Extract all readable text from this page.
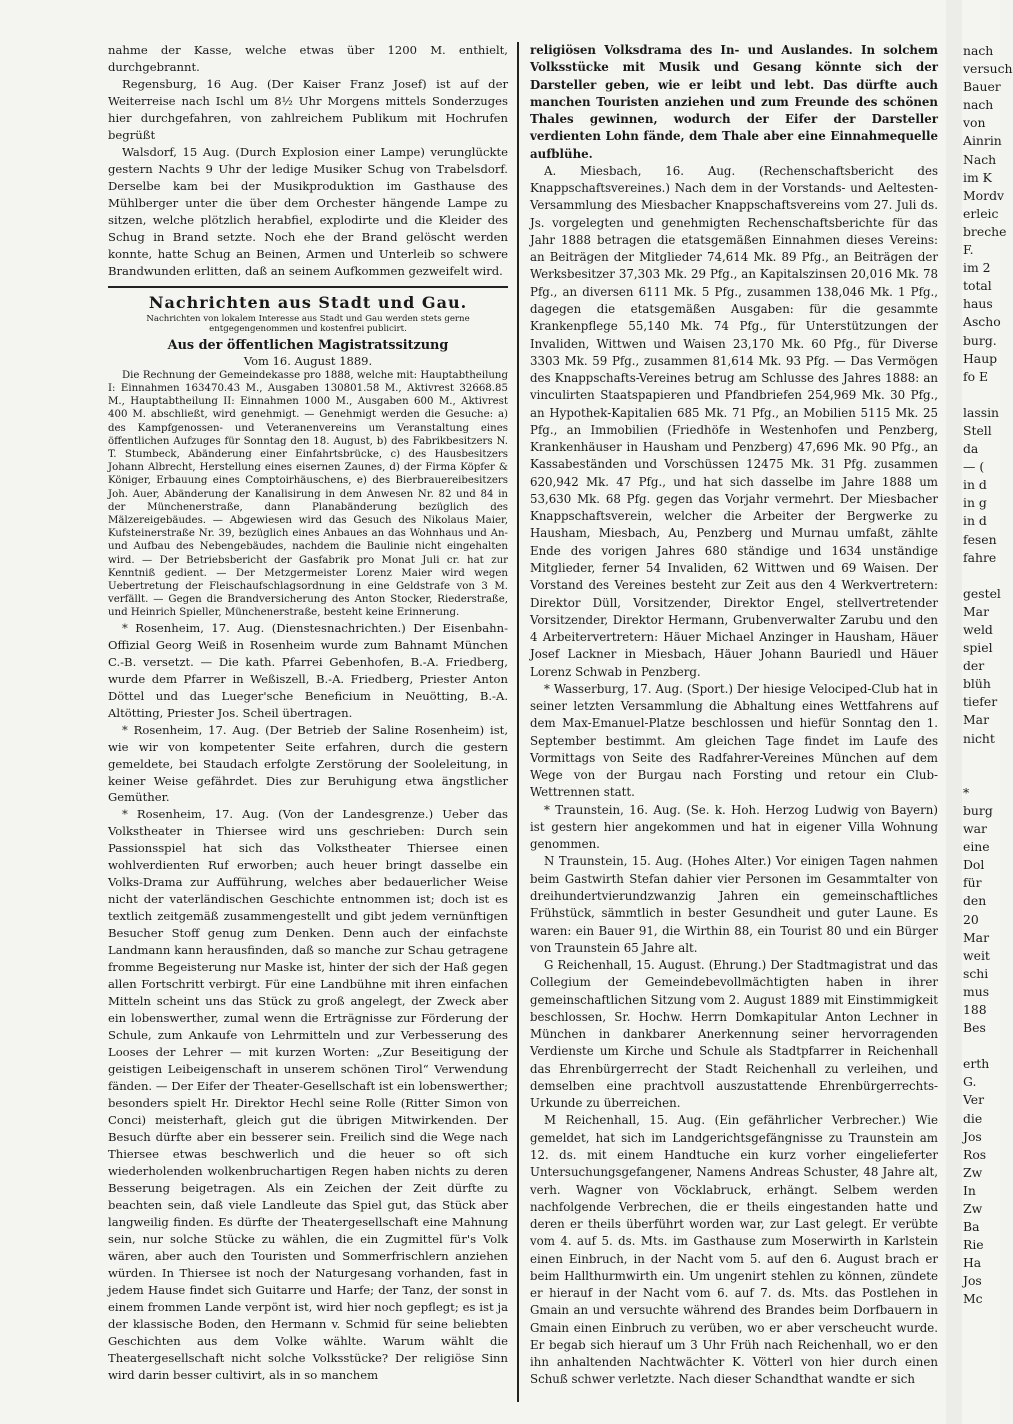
nahme der Kasse, welche etwas über 1200 M. enthielt, durchgebrannt.

Regensburg, 16 Aug. (Der Kaiser Franz Josef) ist auf der Weiterreise nach Ischl um 8½ Uhr Morgens mittels Sonderzuges hier durchgefahren, von zahlreichem Publikum mit Hochrufen begrüßt

Walsdorf, 15 Aug. (Durch Explosion einer Lampe) verunglückte gestern Nachts 9 Uhr der ledige Musiker Schug von Trabelsdorf. Derselbe kam bei der Musikproduktion im Gasthause des Mühlberger unter die über dem Orchester hängende Lampe zu sitzen, welche plötzlich herabfiel, explodirte und die Kleider des Schug in Brand setzte. Noch ehe der Brand gelöscht werden konnte, hatte Schug an Beinen, Armen und Unterleib so schwere Brandwunden erlitten, daß an seinem Aufkommen gezweifelt wird.

Nachrichten aus Stadt und Gau.
Nachrichten von lokalem Interesse aus Stadt und Gau werden stets gerne entgegengenommen und kostenfrei publicirt.
Aus der öffentlichen Magistratssitzung
Vom 16. August 1889.

Die Rechnung der Gemeindekasse pro 1888, welche mit: Hauptabtheilung I: Einnahmen 163470.43 M., Ausgaben 130801.58 M., Aktivrest 32668.85 M., Hauptabtheilung II: Einnahmen 1000 M., Ausgaben 600 M., Aktivrest 400 M. abschließt, wird genehmigt. — Genehmigt werden die Gesuche: a) des Kampfgenossen- und Veteranenvereins um Veranstaltung eines öffentlichen Aufzuges für Sonntag den 18. August, b) des Fabrikbesitzers N. T. Stumbeck, Abänderung einer Einfahrtsbrücke, c) des Hausbesitzers Johann Albrecht, Herstellung eines eisernen Zaunes, d) der Firma Köpfer & Königer, Erbauung eines Comptoirhäuschens, e) des Bierbrauereibesitzers Joh. Auer, Abänderung der Kanalisirung in dem Anwesen Nr. 82 und 84 in der Münchenerstraße, dann Planabänderung bezüglich des Mälzereigebäudes. — Abgewiesen wird das Gesuch des Nikolaus Maier, Kufsteinerstraße Nr. 39, bezüglich eines Anbaues an das Wohnhaus und An- und Aufbau des Nebengebäudes, nachdem die Baulinie nicht eingehalten wird. — Der Betriebsbericht der Gasfabrik pro Monat Juli cr. hat zur Kenntniß gedient. — Der Metzgermeister Lorenz Maier wird wegen Uebertretung der Fleischaufschlagsordnung in eine Geldstrafe von 3 M. verfällt. — Gegen die Brandversicherung des Anton Stocker, Riederstraße, und Heinrich Spieller, Münchenerstraße, besteht keine Erinnerung.

* Rosenheim, 17. Aug. (Dienstesnachrichten.) Der Eisenbahn-Offizial Georg Weiß in Rosenheim wurde zum Bahnamt München C.-B. versetzt. — Die kath. Pfarrei Gebenhofen, B.-A. Friedberg, wurde dem Pfarrer in Weßiszell, B.-A. Friedberg, Priester Anton Döttel und das Lueger'sche Beneficium in Neuötting, B.-A. Altötting, Priester Jos. Scheil übertragen.

* Rosenheim, 17. Aug. (Der Betrieb der Saline Rosenheim) ist, wie wir von kompetenter Seite erfahren, durch die gestern gemeldete, bei Staudach erfolgte Zerstörung der Sooleleitung, in keiner Weise gefährdet. Dies zur Beruhigung etwa ängstlicher Gemüther.

* Rosenheim, 17. Aug. (Von der Landesgrenze.) Ueber das Volkstheater in Thiersee wird uns geschrieben: Durch sein Passionsspiel hat sich das Volkstheater Thiersee einen wohlverdienten Ruf erworben; auch heuer bringt dasselbe ein Volks-Drama zur Aufführung, welches aber bedauerlicher Weise nicht der vaterländischen Geschichte entnommen ist; doch ist es textlich zeitgemäß zusammengestellt und gibt jedem vernünftigen Besucher Stoff genug zum Denken. Denn auch der einfachste Landmann kann herausfinden, daß so manche zur Schau getragene fromme Begeisterung nur Maske ist, hinter der sich der Haß gegen allen Fortschritt verbirgt. Für eine Landbühne mit ihren einfachen Mitteln scheint uns das Stück zu groß angelegt, der Zweck aber ein lobenswerther, zumal wenn die Erträgnisse zur Förderung der Schule, zum Ankaufe von Lehrmitteln und zur Verbesserung des Looses der Lehrer — mit kurzen Worten: „Zur Beseitigung der geistigen Leibeigenschaft in unserem schönen Tirol“ Verwendung fänden. — Der Eifer der Theater-Gesellschaft ist ein lobenswerther; besonders spielt Hr. Direktor Hechl seine Rolle (Ritter Simon von Conci) meisterhaft, gleich gut die übrigen Mitwirkenden. Der Besuch dürfte aber ein besserer sein. Freilich sind die Wege nach Thiersee etwas beschwerlich und die heuer so oft sich wiederholenden wolkenbruchartigen Regen haben nichts zu deren Besserung beigetragen. Als ein Zeichen der Zeit dürfte zu beachten sein, daß viele Landleute das Spiel gut, das Stück aber langweilig finden. Es dürfte der Theatergesellschaft eine Mahnung sein, nur solche Stücke zu wählen, die ein Zugmittel für's Volk wären, aber auch den Touristen und Sommerfrischlern anziehen würden. In Thiersee ist noch der Naturgesang vorhanden, fast in jedem Hause findet sich Guitarre und Harfe; der Tanz, der sonst in einem frommen Lande verpönt ist, wird hier noch gepflegt; es ist ja der klassische Boden, den Hermann v. Schmid für seine beliebten Geschichten aus dem Volke wählte. Warum wählt die Theatergesellschaft nicht solche Volksstücke? Der religiöse Sinn wird darin besser cultivirt, als in so manchem

religiösen Volksdrama des In- und Auslandes. In solchem Volksstücke mit Musik und Gesang könnte sich der Darsteller geben, wie er leibt und lebt. Das dürfte auch manchen Touristen anziehen und zum Freunde des schönen Thales gewinnen, wodurch der Eifer der Darsteller verdienten Lohn fände, dem Thale aber eine Einnahmequelle aufblühe.

A. Miesbach, 16. Aug. (Rechenschaftsbericht des Knappschaftsvereines.) Nach dem in der Vorstands- und Aeltesten-Versammlung des Miesbacher Knappschaftsvereins vom 27. Juli ds. Js. vorgelegten und genehmigten Rechenschaftsberichte für das Jahr 1888 betragen die etatsgemäßen Einnahmen dieses Vereins: an Beiträgen der Mitglieder 74,614 Mk. 89 Pfg., an Beiträgen der Werksbesitzer 37,303 Mk. 29 Pfg., an Kapitalszinsen 20,016 Mk. 78 Pfg., an diversen 6111 Mk. 5 Pfg., zusammen 138,046 Mk. 1 Pfg., dagegen die etatsgemäßen Ausgaben: für die gesammte Krankenpflege 55,140 Mk. 74 Pfg., für Unterstützungen der Invaliden, Wittwen und Waisen 23,170 Mk. 60 Pfg., für Diverse 3303 Mk. 59 Pfg., zusammen 81,614 Mk. 93 Pfg. — Das Vermögen des Knappschafts-Vereines betrug am Schlusse des Jahres 1888: an vinculirten Staatspapieren und Pfandbriefen 254,969 Mk. 30 Pfg., an Hypothek-Kapitalien 685 Mk. 71 Pfg., an Mobilien 5115 Mk. 25 Pfg., an Immobilien (Friedhöfe in Westenhofen und Penzberg, Krankenhäuser in Hausham und Penzberg) 47,696 Mk. 90 Pfg., an Kassabeständen und Vorschüssen 12475 Mk. 31 Pfg. zusammen 620,942 Mk. 47 Pfg., und hat sich dasselbe im Jahre 1888 um 53,630 Mk. 68 Pfg. gegen das Vorjahr vermehrt. Der Miesbacher Knappschaftsverein, welcher die Arbeiter der Bergwerke zu Hausham, Miesbach, Au, Penzberg und Murnau umfaßt, zählte Ende des vorigen Jahres 680 ständige und 1634 unständige Mitglieder, ferner 54 Invaliden, 62 Wittwen und 69 Waisen. Der Vorstand des Vereines besteht zur Zeit aus den 4 Werkvertretern: Direktor Düll, Vorsitzender, Direktor Engel, stellvertretender Vorsitzender, Direktor Hermann, Grubenverwalter Zarubu und den 4 Arbeitervertretern: Häuer Michael Anzinger in Hausham, Häuer Josef Lackner in Miesbach, Häuer Johann Bauriedl und Häuer Lorenz Schwab in Penzberg.

* Wasserburg, 17. Aug. (Sport.) Der hiesige Velociped-Club hat in seiner letzten Versammlung die Abhaltung eines Wettfahrens auf dem Max-Emanuel-Platze beschlossen und hiefür Sonntag den 1. September bestimmt. Am gleichen Tage findet im Laufe des Vormittags von Seite des Radfahrer-Vereines München auf dem Wege von der Burgau nach Forsting und retour ein Club-Wettrennen statt.

* Traunstein, 16. Aug. (Se. k. Hoh. Herzog Ludwig von Bayern) ist gestern hier angekommen und hat in eigener Villa Wohnung genommen.

N Traunstein, 15. Aug. (Hohes Alter.) Vor einigen Tagen nahmen beim Gastwirth Stefan dahier vier Personen im Gesammtalter von dreihundertvierundzwanzig Jahren ein gemeinschaftliches Frühstück, sämmtlich in bester Gesundheit und guter Laune. Es waren: ein Bauer 91, die Wirthin 88, ein Tourist 80 und ein Bürger von Traunstein 65 Jahre alt.

G Reichenhall, 15. August. (Ehrung.) Der Stadtmagistrat und das Collegium der Gemeindebevollmächtigten haben in ihrer gemeinschaftlichen Sitzung vom 2. August 1889 mit Einstimmigkeit beschlossen, Sr. Hochw. Herrn Domkapitular Anton Lechner in München in dankbarer Anerkennung seiner hervorragenden Verdienste um Kirche und Schule als Stadtpfarrer in Reichenhall das Ehrenbürgerrecht der Stadt Reichenhall zu verleihen, und demselben eine prachtvoll auszustattende Ehrenbürgerrechts-Urkunde zu überreichen.

M Reichenhall, 15. Aug. (Ein gefährlicher Verbrecher.) Wie gemeldet, hat sich im Landgerichtsgefängnisse zu Traunstein am 12. ds. mit einem Handtuche ein kurz vorher eingelieferter Untersuchungsgefangener, Namens Andreas Schuster, 48 Jahre alt, verh. Wagner von Vöcklabruck, erhängt. Selbem werden nachfolgende Verbrechen, die er theils eingestanden hatte und deren er theils überführt worden war, zur Last gelegt. Er verübte vom 4. auf 5. ds. Mts. im Gasthause zum Moserwirth in Karlstein einen Einbruch, in der Nacht vom 5. auf den 6. August brach er beim Hallthurmwirth ein. Um ungenirt stehlen zu können, zündete er hierauf in der Nacht vom 6. auf 7. ds. Mts. das Postlehen in Gmain an und versuchte während des Brandes beim Dorfbauern in Gmain einen Einbruch zu verüben, wo er aber verscheucht wurde. Er begab sich hierauf um 3 Uhr Früh nach Reichenhall, wo er den ihn anhaltenden Nachtwächter K. Vötterl von hier durch einen Schuß schwer verletzte. Nach dieser Schandthat wandte er sich

nach
versuch
Bauer
nach
von
Ainrin
Nach
im K
Mordv
erleic
breche
F.
im 2
total
haus
Ascho
burg.
Haup
fo E
lassin
Stell
da
— (
in d
in g
in d
fesen
fahre
gestel
Mar
weld
spiel
der
blüh
tiefer
Mar
nicht
*
burg
war
eine
Dol
für
den
20
Mar
weit
schi
mus
188
Bes
erth
G.
Ver
die
Jos
Ros
Zw
In
Zw
Ba
Rie
Ha
Jos
Mc
